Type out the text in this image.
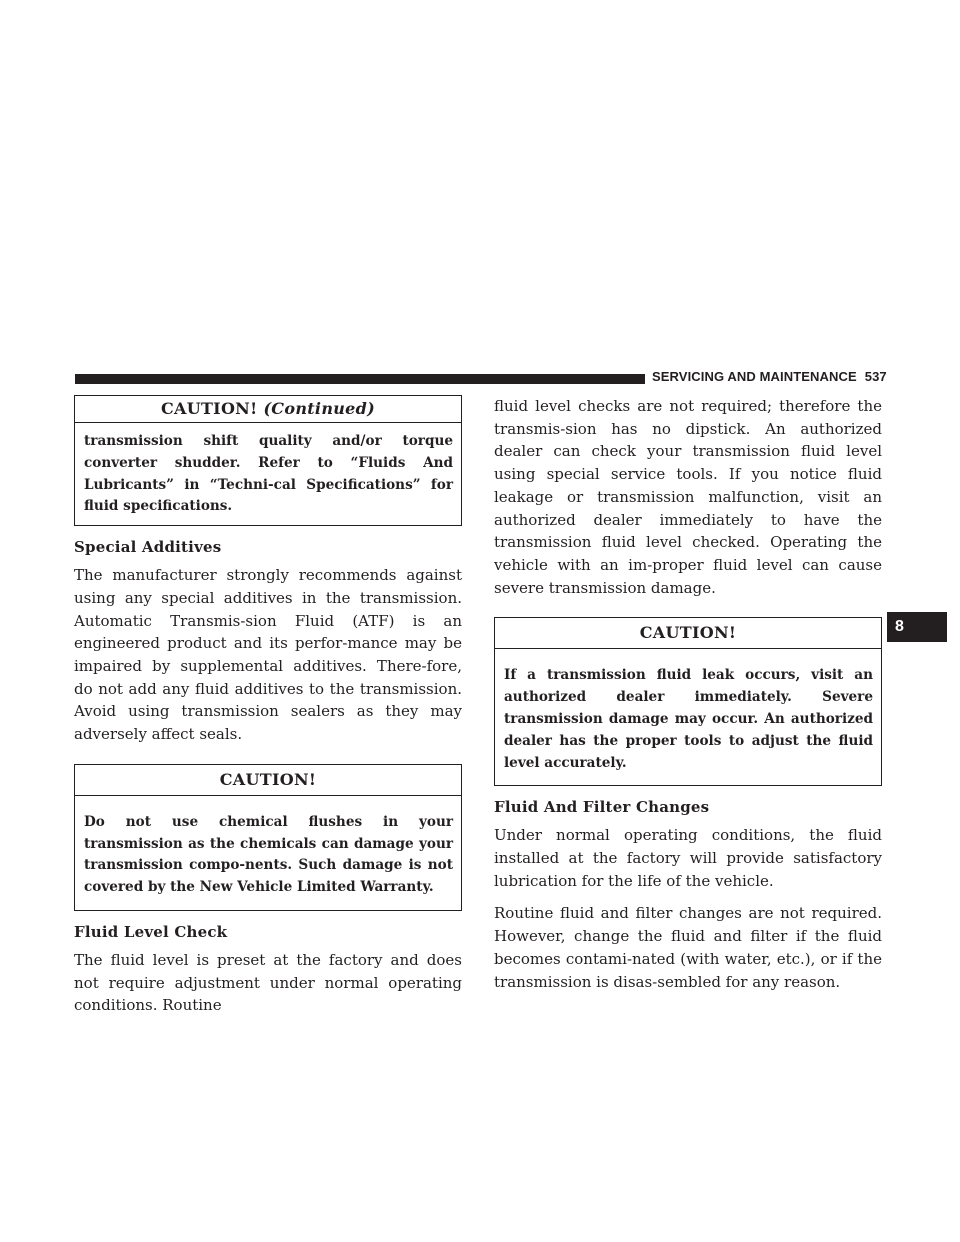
SERVICING AND MAINTENANCE 537
CAUTION! (Continued)
transmission shift quality and/or torque converter shudder. Refer to “Fluids And Lubricants” in “Techni-cal Specifications” for fluid specifications.
Special Additives

The manufacturer strongly recommends against using any special additives in the transmission. Automatic Transmis-sion Fluid (ATF) is an engineered product and its perfor-mance may be impaired by supplemental additives. There-fore, do not add any fluid additives to the transmission. Avoid using transmission sealers as they may adversely affect seals.

CAUTION!
Do not use chemical flushes in your transmission as the chemicals can damage your transmission compo-nents. Such damage is not covered by the New Vehicle Limited Warranty.
Fluid Level Check

The fluid level is preset at the factory and does not require adjustment under normal operating conditions. Routine

fluid level checks are not required; therefore the transmis-sion has no dipstick. An authorized dealer can check your transmission fluid level using special service tools. If you notice fluid leakage or transmission malfunction, visit an authorized dealer immediately to have the transmission fluid level checked. Operating the vehicle with an im-proper fluid level can cause severe transmission damage.

CAUTION!
If a transmission fluid leak occurs, visit an authorized dealer immediately. Severe transmission damage may occur. An authorized dealer has the proper tools to adjust the fluid level accurately.
Fluid And Filter Changes

Under normal operating conditions, the fluid installed at the factory will provide satisfactory lubrication for the life of the vehicle.

Routine fluid and filter changes are not required. However, change the fluid and filter if the fluid becomes contami-nated (with water, etc.), or if the transmission is disas-sembled for any reason.

8
